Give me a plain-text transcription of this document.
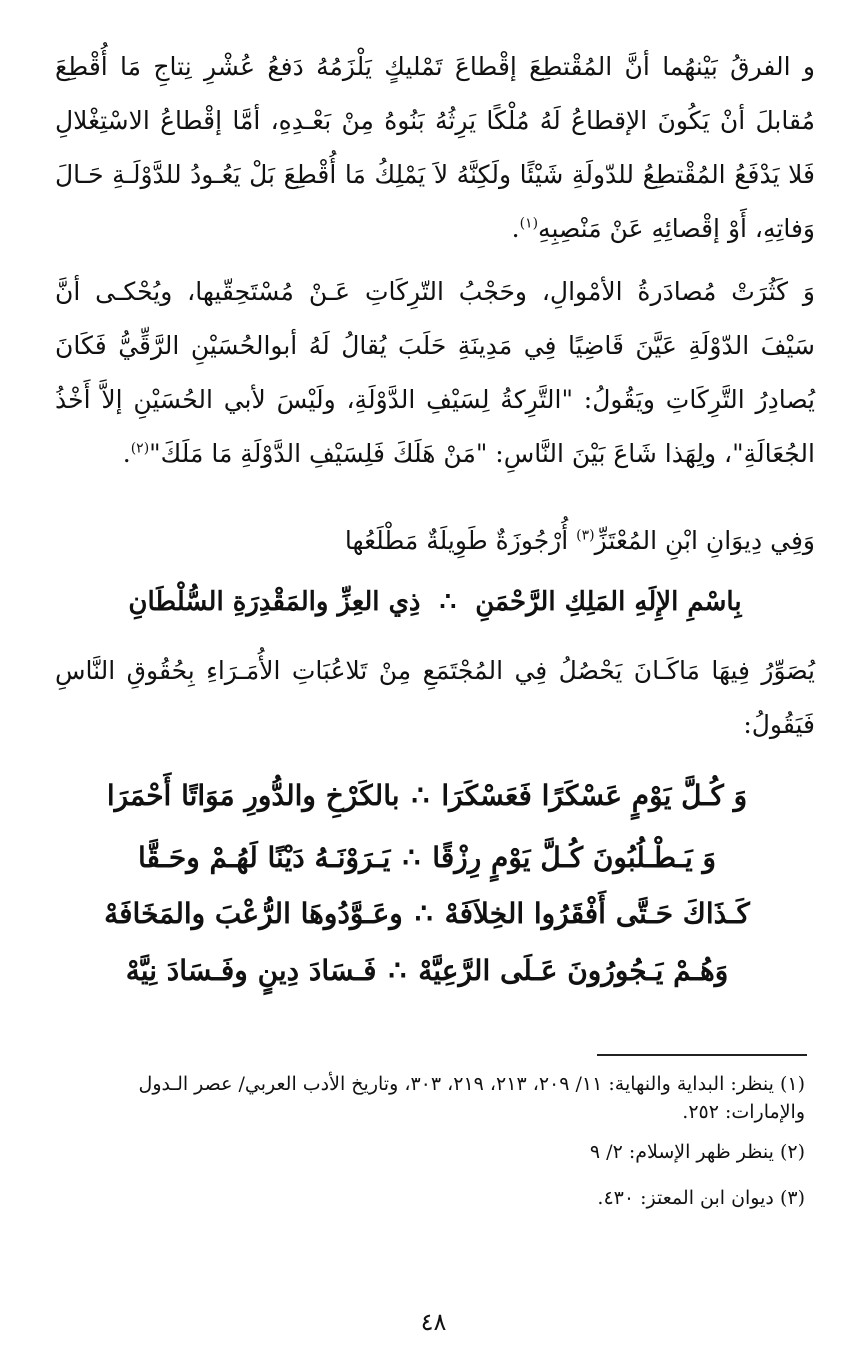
و الفرقُ بَيْنهُما أنَّ المُقْتطِعَ إقْطاعَ تَمْليكٍ يَلْزَمُهُ دَفعُ عُشْرِ نِتاجِ مَا أُقْطِعَ مُقابلَ أنْ يَكُونَ الإقطاعُ لَهُ مُلْكًا يَرِثُهُ بَنُوهُ مِنْ بَعْـدِهِ، أمَّا إقْطاعُ الاسْتِغْلالِ فَلا يَدْفَعُ المُقْتطِعُ للدّولَةِ شَيْئًا ولَكِنَّهُ لاَ يَمْلِكُ مَا أُقْطِعَ بَلْ يَعُـودُ للدَّوْلَـةِ حَـالَ وَفاتِهِ، أَوْ إقْصائِهِ عَنْ مَنْصِبِهِ$^{(١)}$.

وَ كَثُرَتْ مُصادَرةُ الأمْوالِ، وحَجْبُ التّرِكَاتِ عَـنْ مُسْتَحِقّيها، ويُحْكـى أنَّ سَيْفَ الدّوْلَةِ عَيَّنَ قَاضِيًا فِي مَدِينَةِ حَلَبَ يُقالُ لَهُ أبوالحُسَيْنِ الرَّقِّيُّ فَكَانَ يُصادِرُ التَّرِكَاتِ ويَقُولُ: "التَّرِكةُ لِسَيْفِ الدَّوْلَةِ، ولَيْسَ لأبي الحُسَيْنِ إلاَّ أَخْذُ الجُعَالَةِ"، ولِهَذا شَاعَ بَيْنَ النَّاسِ: "مَنْ هَلَكَ فَلِسَيْفِ الدَّوْلَةِ مَا مَلَكَ"$^{(٢)}$.

وَفِي دِيوَانِ ابْنِ المُعْتَزِّ$^{(٣)}$ أُرْجُوزَةٌ طَوِيلَةٌ مَطْلَعُها

بِاسْمِ الإِلَهِ المَلِكِ الرَّحْمَنِ ∴ ذِي العِزِّ والمَقْدِرَةِ السُّلْطَانِ

يُصَوِّرُ فِيهَا مَاكَـانَ يَحْصُلُ فِي المُجْتَمَعِ مِنْ تَلاعُبَاتِ الأُمَـرَاءِ بِحُقُوقِ النَّاسِ فَيَقُولُ:

وَ كُـلَّ يَوْمٍ عَسْكَرًا فَعَسْكَرَا∴بالكَرْخِ والدُّورِ مَوَاتًا أَحْمَرَا
وَ يَـطْـلُبُونَ كُـلَّ يَوْمٍ رِزْقًا∴يَـرَوْنَـهُ دَيْنًا لَهُـمْ وحَـقَّا
كَـذَاكَ حَـتَّى أَفْقَرُوا الخِلاَفَهْ∴وعَـوَّدُوهَا الرُّعْبَ والمَخَافَهْ
وَهُـمْ يَـجُورُونَ عَـلَى الرَّعِيَّهْ∴فَـسَادَ دِينٍ وفَـسَادَ نِيَّهْ

(١) ينظر: البداية والنهاية: ١١/ ٢٠٩، ٢١٣، ٢١٩، ٣٠٣، وتاريخ الأدب العربي/ عصر الـدول والإمارات: ٢٥٢.

(٢) ينظر ظهر الإسلام: ٢/ ٩

(٣) ديوان ابن المعتز: ٤٣٠.

٤٨
